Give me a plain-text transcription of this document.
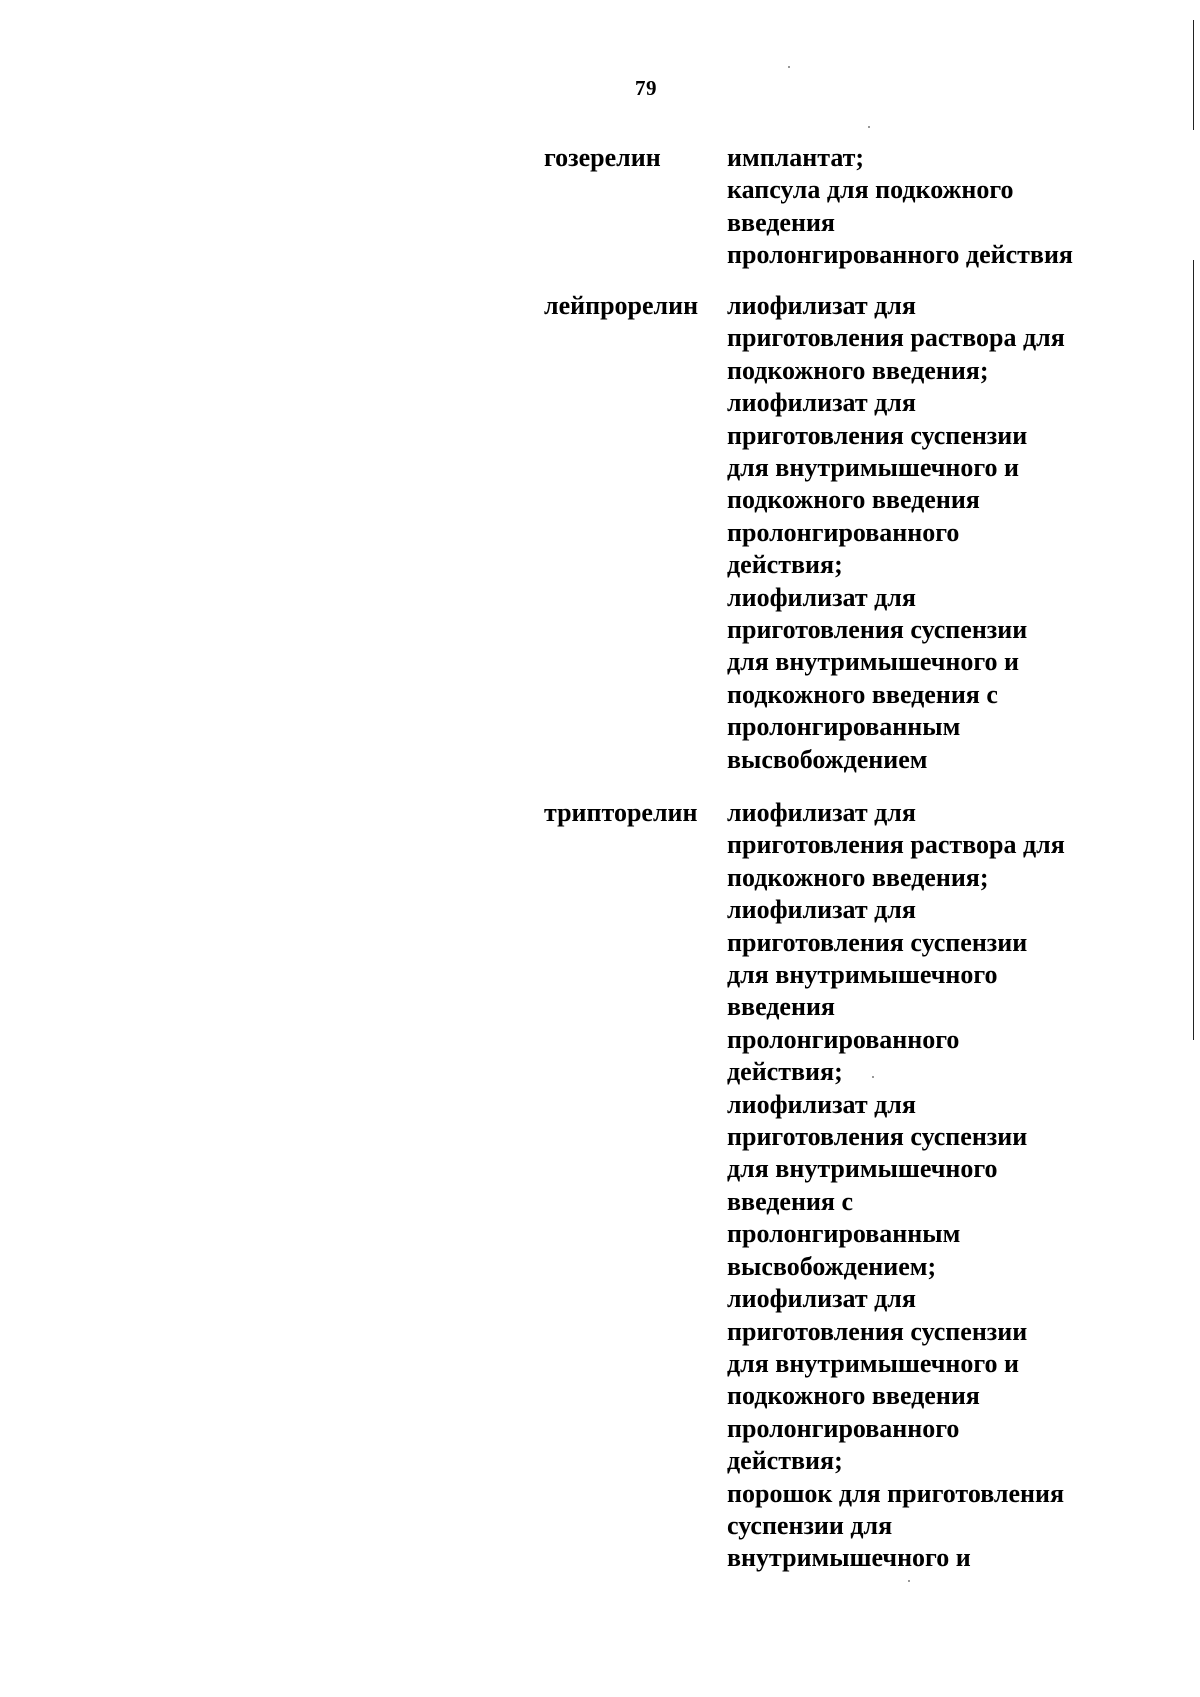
79
гозерелин	имплантат;
капсула для подкожного
введения
пролонгированного действия
лейпрорелин лиофилизат для
приготовления раствора для
подкожного введения;
лиофилизат для
приготовления суспензии
для внутримышечного и
подкожного введения
пролонгированного
действия;
лиофилизат для
приготовления суспензии
для внутримышечного и
подкожного введения с
пролонгированным
высвобождением
трипторелин лиофилизат для
приготовления раствора для
подкожного введения;
лиофилизат для
приготовления суспензии
для внутримышечного
введения
пролонгированного
действия;
лиофилизат для
приготовления суспензии
для внутримышечного
введения с
пролонгированным
высвобождением;
лиофилизат для
приготовления суспензии
для внутримышечного и
подкожного введения
пролонгированного
действия;
порошок для приготовления
суспензии для
внутримышечного и
